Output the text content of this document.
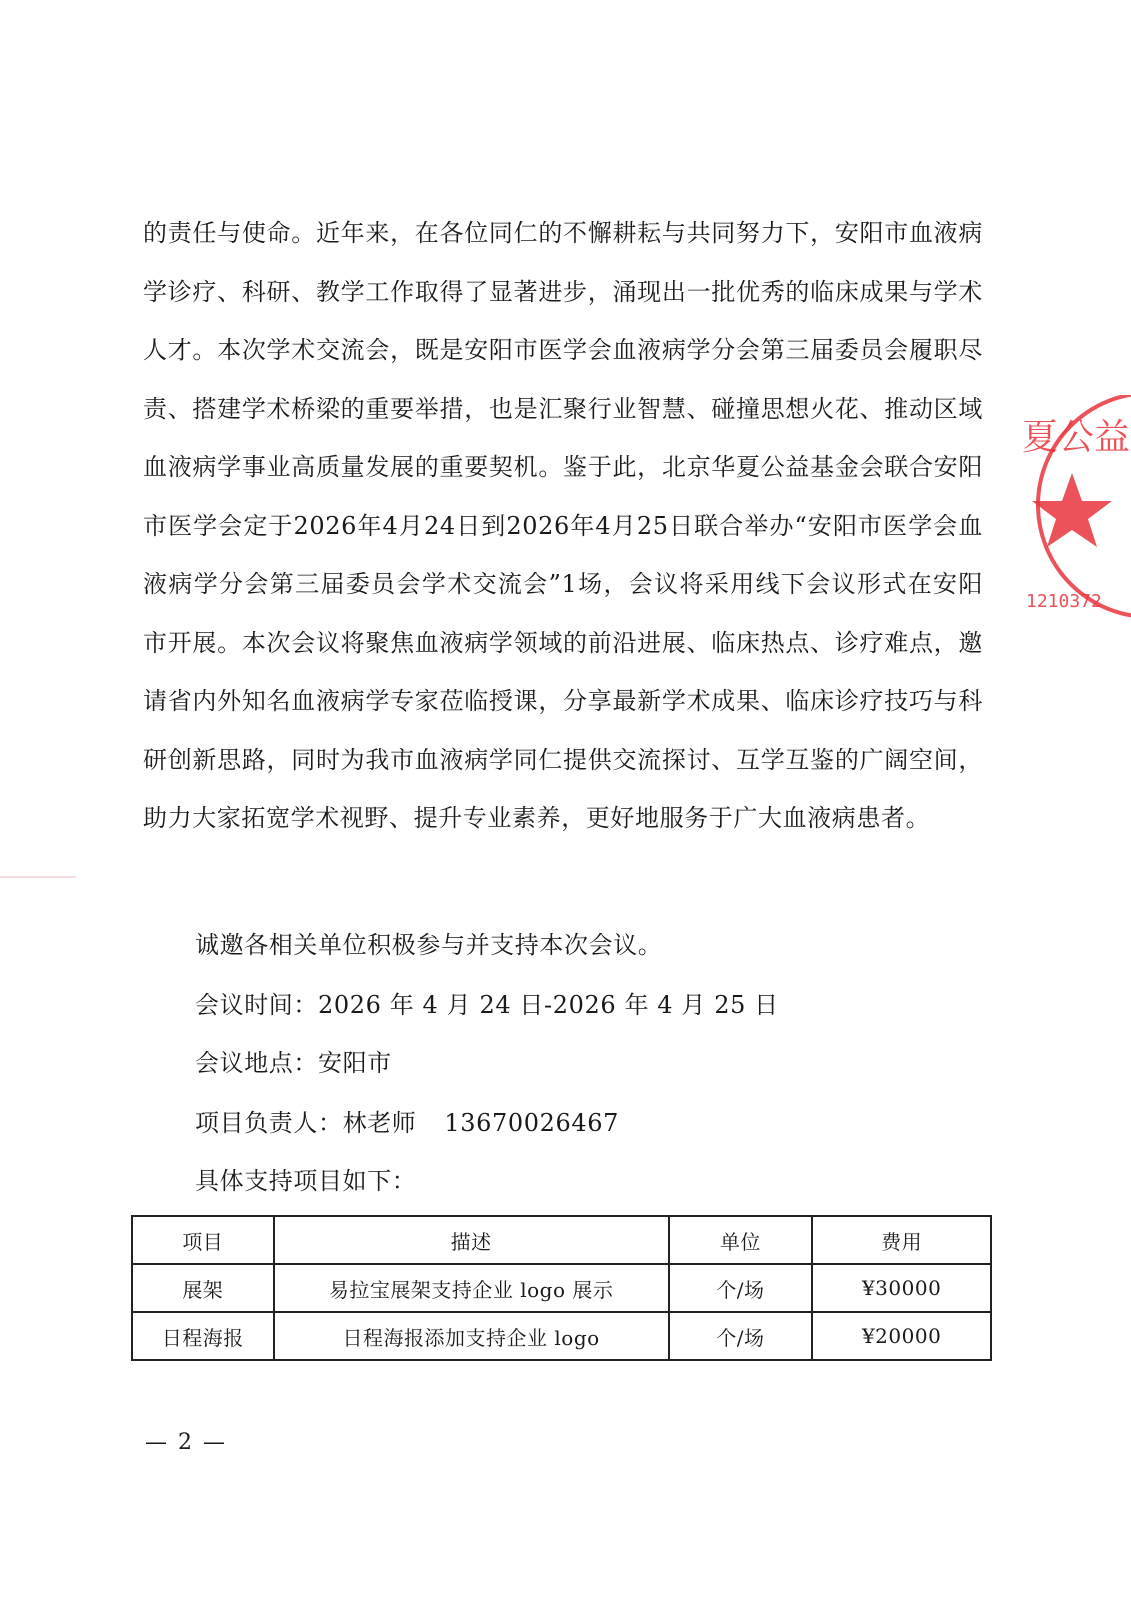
的责任与使命。近年来，在各位同仁的不懈耕耘与共同努力下，安阳市血液病学诊疗、科研、教学工作取得了显著进步，涌现出一批优秀的临床成果与学术人才。本次学术交流会，既是安阳市医学会血液病学分会第三届委员会履职尽责、搭建学术桥梁的重要举措，也是汇聚行业智慧、碰撞思想火花、推动区域血液病学事业高质量发展的重要契机。鉴于此，北京华夏公益基金会联合安阳市医学会定于2026年4月24日到2026年4月25日联合举办“安阳市医学会血液病学分会第三届委员会学术交流会”1场，会议将采用线下会议形式在安阳市开展。本次会议将聚焦血液病学领域的前沿进展、临床热点、诊疗难点，邀请省内外知名血液病学专家莅临授课，分享最新学术成果、临床诊疗技巧与科研创新思路，同时为我市血液病学同仁提供交流探讨、互学互鉴的广阔空间，助力大家拓宽学术视野、提升专业素养，更好地服务于广大血液病患者。

诚邀各相关单位积极参与并支持本次会议。
会议时间：2026 年 4 月 24 日-2026 年 4 月 25 日
会议地点：安阳市
项目负责人：林老师 13670026467
具体支持项目如下：
项目	描述	单位	费用
展架	易拉宝展架支持企业 logo 展示	个/场	¥30000
日程海报	日程海报添加支持企业 logo	个/场	¥20000
— 2 —
夏公益
1210372
